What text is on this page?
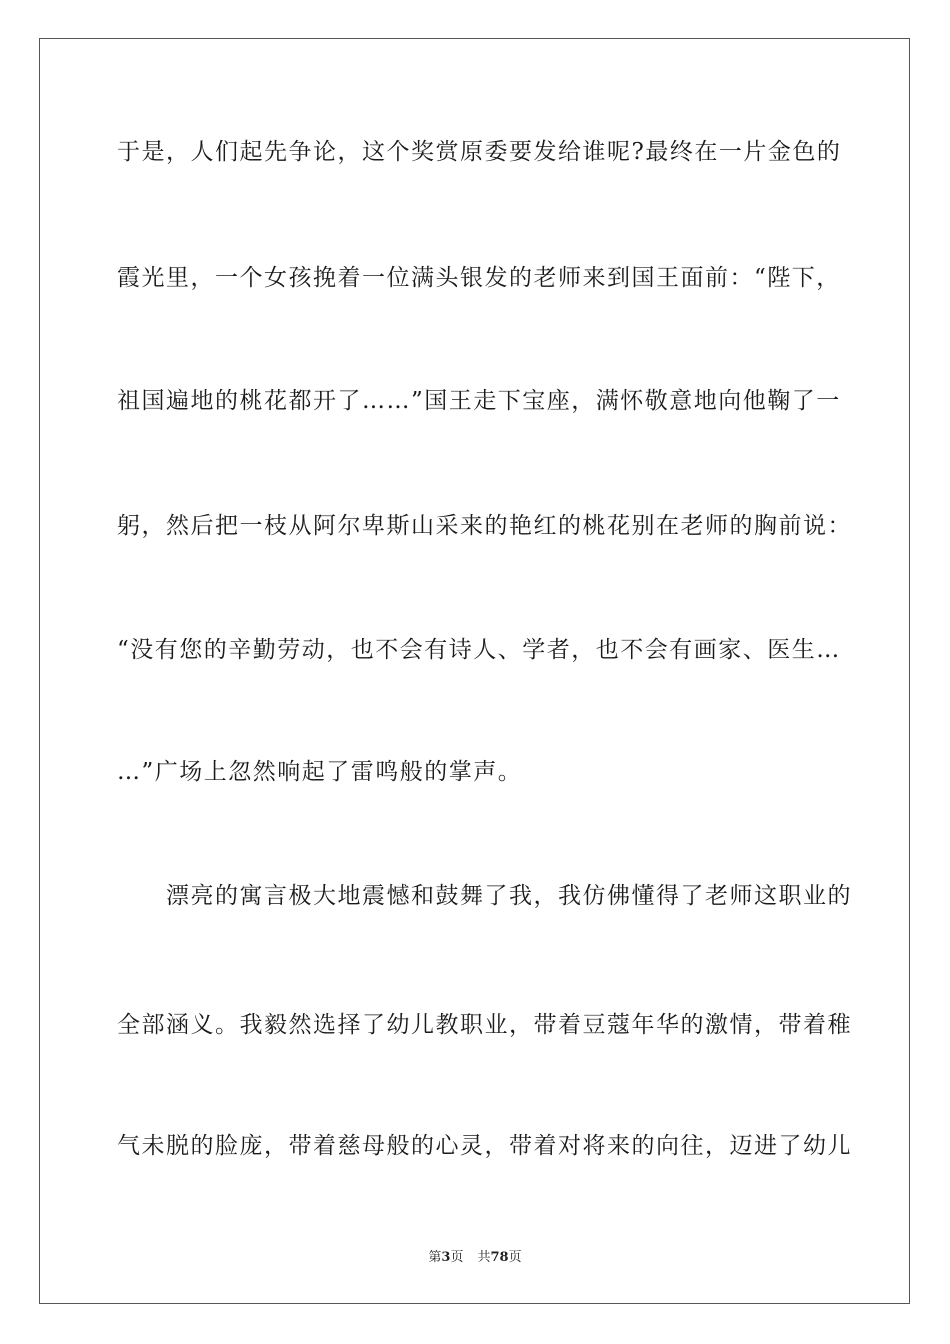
于是，人们起先争论，这个奖赏原委要发给谁呢?最终在一片金色的
霞光里，一个女孩挽着一位满头银发的老师来到国王面前：“陛下，
祖国遍地的桃花都开了……”国王走下宝座，满怀敬意地向他鞠了一
躬，然后把一枝从阿尔卑斯山采来的艳红的桃花别在老师的胸前说：
“没有您的辛勤劳动，也不会有诗人、学者，也不会有画家、医生…
…”广场上忽然响起了雷鸣般的掌声。
　　漂亮的寓言极大地震憾和鼓舞了我，我仿佛懂得了老师这职业的
全部涵义。我毅然选择了幼儿教职业，带着豆蔻年华的激情，带着稚
气未脱的脸庞，带着慈母般的心灵，带着对将来的向往，迈进了幼儿
第3页 共78页
